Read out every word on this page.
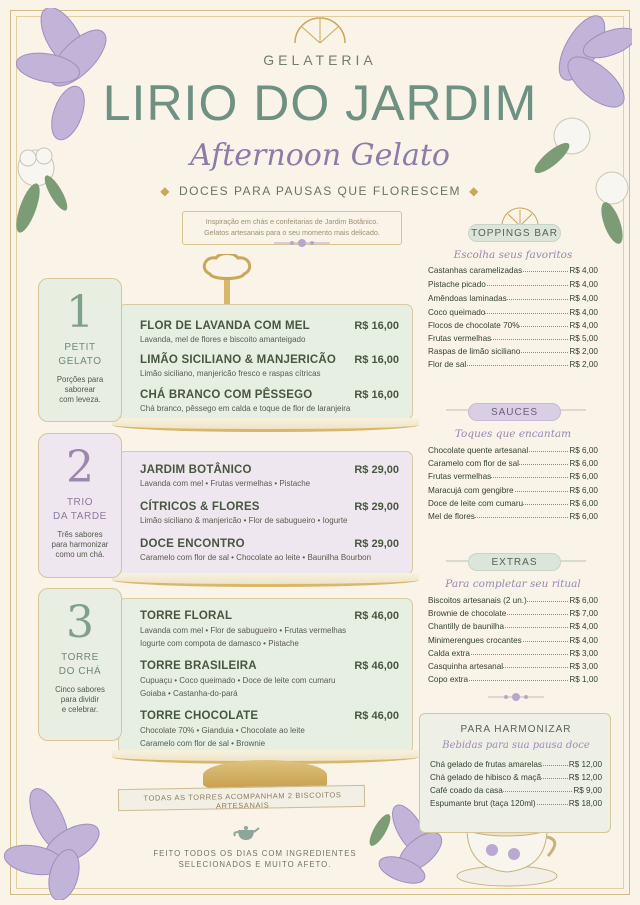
GELATERIA
LIRIO DO JARDIM
Afternoon Gelato
◆ DOCES PARA PAUSAS QUE FLORESCEM ◆
Inspiração em chás e confeitarias de Jardim Botânico.
Gelatos artesanais para o seu momento mais delicado.
1
PETIT
GELATO
Porções para
saborear
com leveza.
2
TRIO
DA TARDE
Três sabores
para harmonizar
como um chá.
3
TORRE
DO CHÁ
Cinco sabores
para dividir
e celebrar.
FLOR DE LAVANDA COM MEL	R$ 16,00
Lavanda, mel de flores e biscoito amanteigado
LIMÃO SICILIANO & MANJERICÃO	R$ 16,00
Limão siciliano, manjericão fresco e raspas cítricas
CHÁ BRANCO COM PÊSSEGO	R$ 16,00
Chá branco, pêssego em calda e toque de flor de laranjeira
JARDIM BOTÂNICO	R$ 29,00
Lavanda com mel • Frutas vermelhas • Pistache
CÍTRICOS & FLORES	R$ 29,00
Limão siciliano & manjericão • Flor de sabugueiro • Iogurte
DOCE ENCONTRO	R$ 29,00
Caramelo com flor de sal • Chocolate ao leite • Baunilha Bourbon
TORRE FLORAL	R$ 46,00
Lavanda com mel • Flor de sabugueiro • Frutas vermelhas
Iogurte com compota de damasco • Pistache
TORRE BRASILEIRA	R$ 46,00
Cupuaçu • Coco queimado • Doce de leite com cumaru
Goiaba • Castanha-do-pará
TORRE CHOCOLATE	R$ 46,00
Chocolate 70% • Gianduia • Chocolate ao leite
Caramelo com flor de sal • Brownie
TODAS AS TORRES ACOMPANHAM 2 BISCOITOS ARTESANAIS
TOPPINGS BAR
Escolha seus favoritos
Castanhas caramelizadas	R$ 4,00
Pistache picado	R$ 4,00
Amêndoas laminadas	R$ 4,00
Coco queimado	R$ 4,00
Flocos de chocolate 70%	R$ 4,00
Frutas vermelhas	R$ 5,00
Raspas de limão siciliano	R$ 2,00
Flor de sal	R$ 2,00
SAUCES
Toques que encantam
Chocolate quente artesanal	R$ 6,00
Caramelo com flor de sal	R$ 6,00
Frutas vermelhas	R$ 6,00
Maracujá com gengibre	R$ 6,00
Doce de leite com cumaru	R$ 6,00
Mel de flores	R$ 6,00
EXTRAS
Para completar seu ritual
Biscoitos artesanais (2 un.)	R$ 6,00
Brownie de chocolate	R$ 7,00
Chantilly de baunilha	R$ 4,00
Minimerengues crocantes	R$ 4,00
Calda extra	R$ 3,00
Casquinha artesanal	R$ 3,00
Copo extra	R$ 1,00
PARA HARMONIZAR
Bebidas para sua pausa doce
Chá gelado de frutas amarelas	R$ 12,00
Chá gelado de hibisco & maçã	R$ 12,00
Café coado da casa	R$ 9,00
Espumante brut (taça 120ml)	R$ 18,00
FEITO TODOS OS DIAS COM INGREDIENTES
SELECIONADOS E MUITO AFETO.
